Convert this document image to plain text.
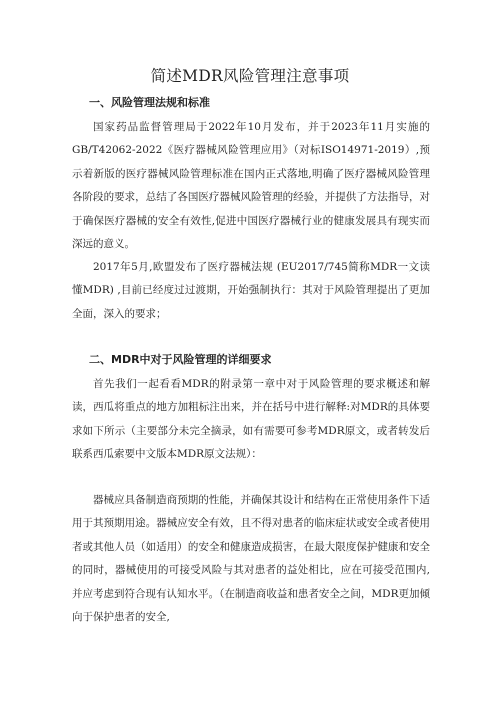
简述MDR风险管理注意事项
一、风险管理法规和标准
国家药品监督管理局于2022年10月发布，并于2023年11月实施的GB/T42062-2022《医疗器械风险管理应用》（对标ISO14971-2019）,预示着新版的医疗器械风险管理标准在国内正式落地,明确了医疗器械风险管理各阶段的要求，总结了各国医疗器械风险管理的经验，并提供了方法指导，对于确保医疗器械的安全有效性,促进中国医疗器械行业的健康发展具有现实而深远的意义。
2017年5月,欧盟发布了医疗器械法规 (EU2017/745简称MDR一文读懂MDR) ,目前已经度过过渡期，开始强制执行：其对于风险管理提出了更加全面，深入的要求；
二、MDR中对于风险管理的详细要求
首先我们一起看看MDR的附录第一章中对于风险管理的要求概述和解读，西瓜将重点的地方加粗标注出来，并在括号中进行解释:对MDR的具体要求如下所示（主要部分未完全摘录，如有需要可参考MDR原文，或者转发后联系西瓜索要中文版本MDR原文法规）：
器械应具备制造商预期的性能，并确保其设计和结构在正常使用条件下适用于其预期用途。器械应安全有效，且不得对患者的临床症状或安全或者使用者或其他人员（如适用）的安全和健康造成损害，在最大限度保护健康和安全的同时，器械使用的可接受风险与其对患者的益处相比，应在可接受范围内,并应考虑到符合现有认知水平。（在制造商收益和患者安全之间，MDR更加倾向于保护患者的安全,
